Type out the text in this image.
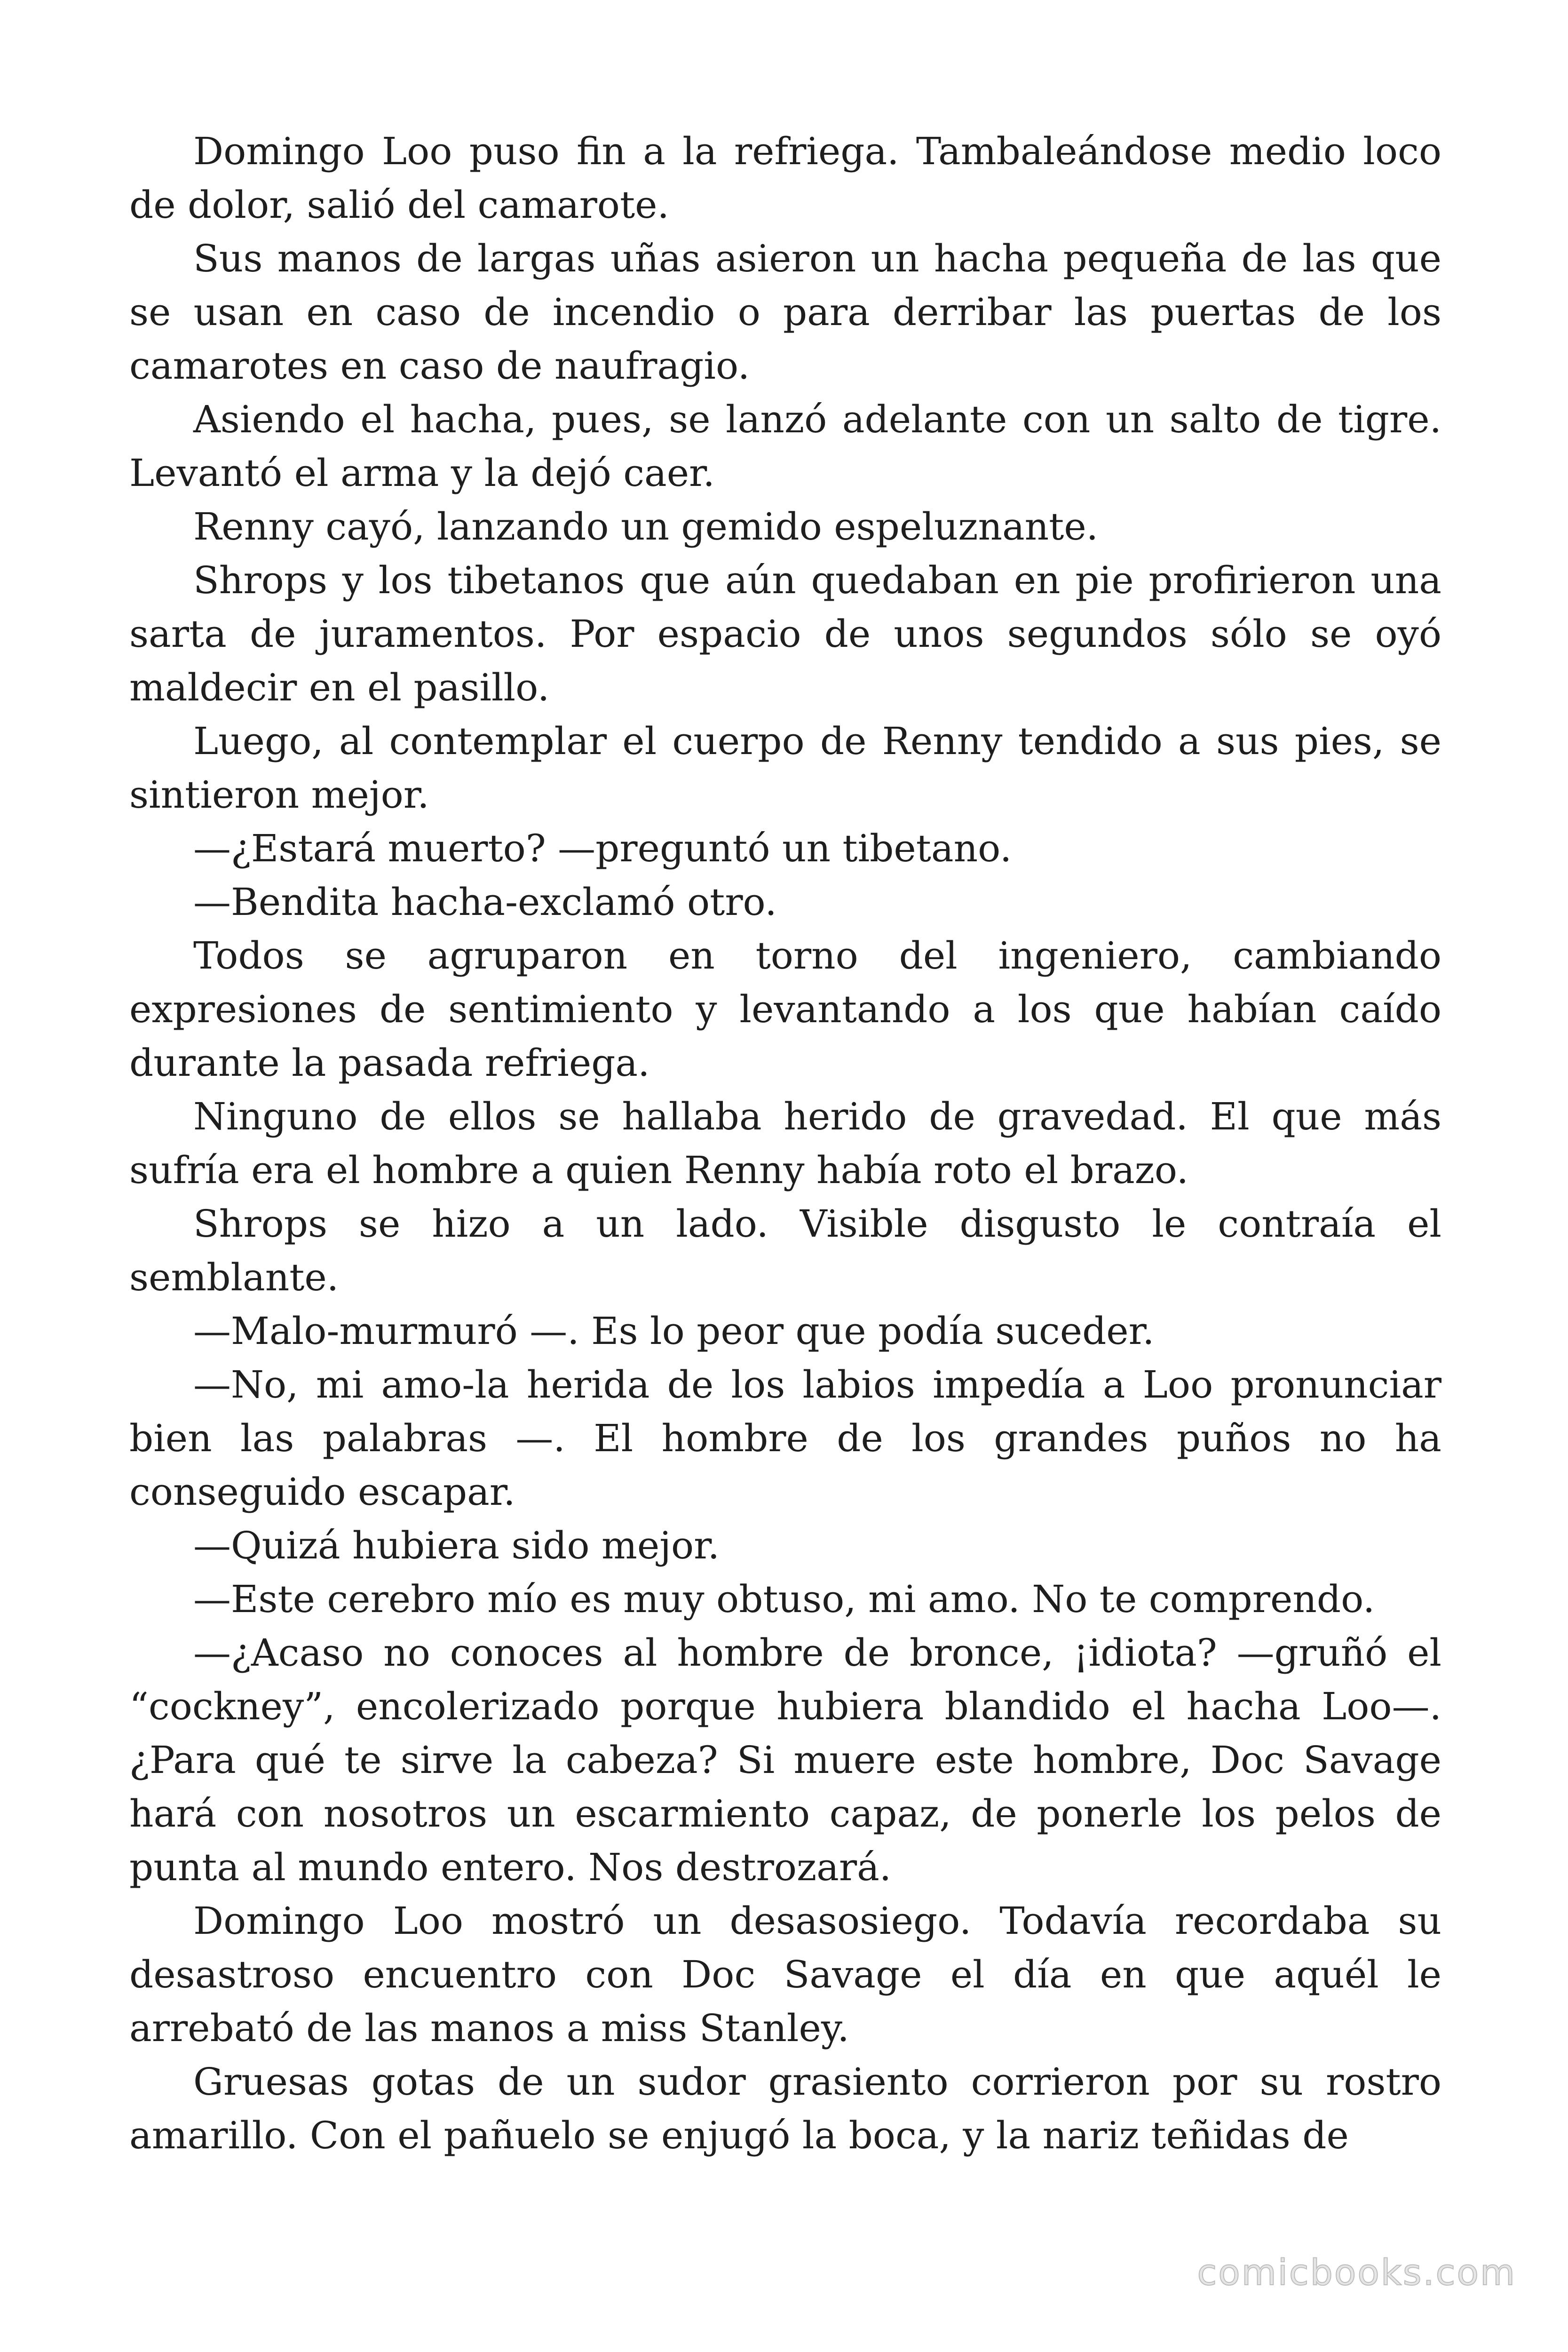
Domingo Loo puso fin a la refriega. Tambaleándose medio loco de dolor, salió del camarote.

Sus manos de largas uñas asieron un hacha pequeña de las que se usan en caso de incendio o para derribar las puertas de los camarotes en caso de naufragio.

Asiendo el hacha, pues, se lanzó adelante con un salto de tigre. Levantó el arma y la dejó caer.

Renny cayó, lanzando un gemido espeluznante.

Shrops y los tibetanos que aún quedaban en pie profirieron una sarta de juramentos. Por espacio de unos segundos sólo se oyó maldecir en el pasillo.

Luego, al contemplar el cuerpo de Renny tendido a sus pies, se sintieron mejor.

—¿Estará muerto? —preguntó un tibetano.

—Bendita hacha-exclamó otro.

Todos se agruparon en torno del ingeniero, cambiando expresiones de sentimiento y levantando a los que habían caído durante la pasada refriega.

Ninguno de ellos se hallaba herido de gravedad. El que más sufría era el hombre a quien Renny había roto el brazo.

Shrops se hizo a un lado. Visible disgusto le contraía el semblante.

—Malo-murmuró —. Es lo peor que podía suceder.

—No, mi amo-la herida de los labios impedía a Loo pronunciar bien las palabras —. El hombre de los grandes puños no ha conseguido escapar.

—Quizá hubiera sido mejor.

—Este cerebro mío es muy obtuso, mi amo. No te comprendo.

—¿Acaso no conoces al hombre de bronce, ¡idiota? —gruñó el “cockney”, encolerizado porque hubiera blandido el hacha Loo—. ¿Para qué te sirve la cabeza? Si muere este hombre, Doc Savage hará con nosotros un escarmiento capaz, de ponerle los pelos de punta al mundo entero. Nos destrozará.

Domingo Loo mostró un desasosiego. Todavía recordaba su desastroso encuentro con Doc Savage el día en que aquél le arrebató de las manos a miss Stanley.

Gruesas gotas de un sudor grasiento corrieron por su rostro amarillo. Con el pañuelo se enjugó la boca, y la nariz teñidas de

comicbooks.com
